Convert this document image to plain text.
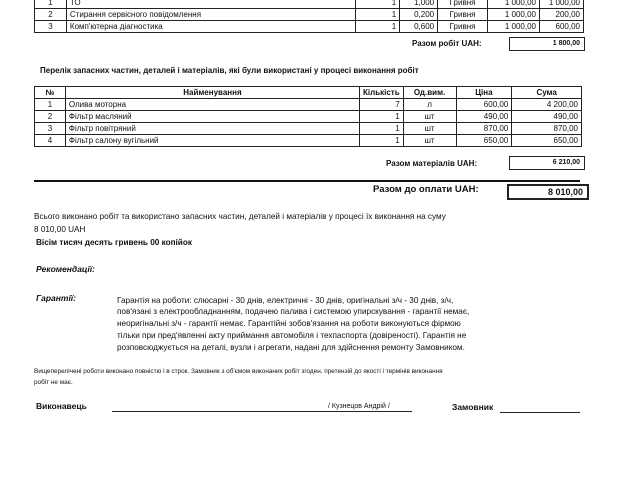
1	ТО	1	1,000	Гривня	1 000,00	1 000,00
2	Стирання сервісного повідомлення	1	0,200	Гривня	1 000,00	200,00
3	Комп'ютерна діагностика	1	0,600	Гривня	1 000,00	600,00
Разом робіт UAH:	1 800,00
Перелік запасних частин, деталей і матеріалів, які були використані у процесі виконання робіт
№	Найменування	Кількість	Од.вим.	Ціна	Сума
1	Олива моторна	7	л	600,00	4 200,00
2	Фільтр масляний	1	шт	490,00	490,00
3	Фільтр повітряний	1	шт	870,00	870,00
4	Фільтр салону вугільний	1	шт	650,00	650,00
Разом матеріалів UAH:	6 210,00
Разом до оплати UAH:	8 010,00
Всього виконано робіт та використано запасних частин, деталей і матеріалів у процесі їх виконання на суму
8 010,00 UAH
Вісім тисяч десять гривень 00 копійок
Рекомендації:
Гарантії:	Гарантія на роботи: слюсарні - 30 днів, електричні - 30 днів, оригінальні з/ч - 30 днів, з/ч,
пов'язані з електрообладнанням, подачею палива і системою упирскування - гарантії немає,
неоригінальні з/ч - гарантії немає. Гарантійні зобов'язання на роботи виконуються фірмою
тільки при пред'явленні акту приймання автомобіля і техпаспорта (довіреності). Гарантія не
розповсюджується на деталі, вузли і агрегати, надані для здійснення ремонту Замовником.
Вищеперелічені роботи виконано повністю і в строк. Замовник з об'ємом виконаних робіт згоден, претензій до якості і термінів виконання
робіт не має.
Виконавець	/ Кузнецов Андрій /	Замовник
